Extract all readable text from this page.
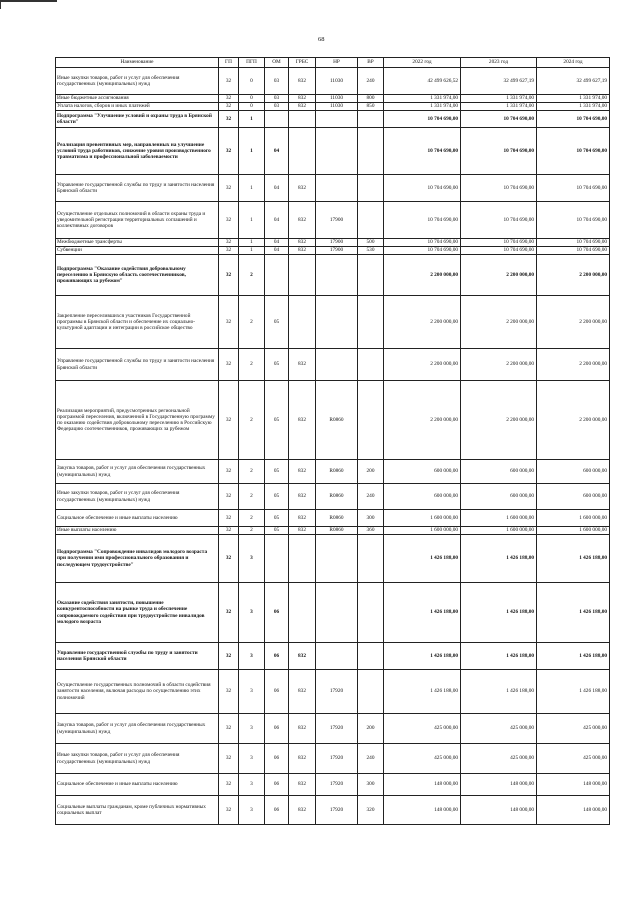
68
Наименование	ГП	ПГП	ОМ	ГРБС	НР	ВР	2022 год	2023 год	2024 год
Иные закупки товаров, работ и услуг для обеспечения государственных (муниципальных) нужд	32	0	03	832	11030	240	42 499 626,52	32 499 627,19	32 499 627,19
Иные бюджетные ассигнования	32	0	03	832	11030	800	1 331 974,00	1 331 974,00	1 331 974,00
Уплата налогов, сборов и иных платежей	32	0	03	832	11030	850	1 331 974,00	1 331 974,00	1 331 974,00
Подпрограмма "Улучшение условий и охраны труда в Брянской области"	32	1					10 704 690,00	10 704 690,00	10 704 690,00
Реализация превентивных мер, направленных на улучшение условий труда работников, снижение уровня производственного травматизма и профессиональной заболеваемости	32	1	04				10 704 690,00	10 704 690,00	10 704 690,00
Управление государственной службы по труду и занятости населения Брянской области	32	1	04	832			10 704 690,00	10 704 690,00	10 704 690,00
Осуществление отдельных полномочий в области охраны труда и уведомительной регистрации территориальных соглашений и коллективных договоров	32	1	04	832	17900		10 704 690,00	10 704 690,00	10 704 690,00
Межбюджетные трансферты	32	1	04	832	17900	500	10 704 690,00	10 704 690,00	10 704 690,00
Субвенции	32	1	04	832	17900	530	10 704 690,00	10 704 690,00	10 704 690,00
Подпрограмма "Оказание содействия добровольному переселению в Брянскую область соотечественников, проживающих за рубежом"	32	2					2 200 000,00	2 200 000,00	2 200 000,00
Закрепление переселившихся участников Государственной программы в Брянской области и обеспечение их социально-культурной адаптации и интеграции в российское общество	32	2	05				2 200 000,00	2 200 000,00	2 200 000,00
Управление государственной службы по труду и занятости населения Брянской области	32	2	05	832			2 200 000,00	2 200 000,00	2 200 000,00
Реализация мероприятий, предусмотренных региональной программой переселения, включенной в Государственную программу по оказанию содействия добровольному переселению в Российскую Федерацию соотечественников, проживающих за рубежом	32	2	05	832	R0860		2 200 000,00	2 200 000,00	2 200 000,00
Закупка товаров, работ и услуг для обеспечения государственных (муниципальных) нужд	32	2	05	832	R0860	200	600 000,00	600 000,00	600 000,00
Иные закупки товаров, работ и услуг для обеспечения государственных (муниципальных) нужд	32	2	05	832	R0860	240	600 000,00	600 000,00	600 000,00
Социальное обеспечение и иные выплаты населению	32	2	05	832	R0860	300	1 600 000,00	1 600 000,00	1 600 000,00
Иные выплаты населению	32	2	05	832	R0860	360	1 600 000,00	1 600 000,00	1 600 000,00
Подпрограмма "Сопровождение инвалидов молодого возраста при получении ими профессионального образования и последующем трудоустройстве"	32	3					1 426 188,00	1 426 188,00	1 426 188,00
Оказание содействия занятости, повышение конкурентоспособности на рынке труда и обеспечение сопровождаемого содействия при трудоустройстве инвалидов молодого возраста	32	3	06				1 426 188,00	1 426 188,00	1 426 188,00
Управление государственной службы по труду и занятости населения Брянской области	32	3	06	832			1 426 188,00	1 426 188,00	1 426 188,00
Осуществление государственных полномочий в области содействия занятости населения, включая расходы по осуществлению этих полномочий	32	3	06	832	17920		1 426 188,00	1 426 188,00	1 426 188,00
Закупка товаров, работ и услуг для обеспечения государственных (муниципальных) нужд	32	3	06	832	17920	200	425 000,00	425 000,00	425 000,00
Иные закупки товаров, работ и услуг для обеспечения государственных (муниципальных) нужд	32	3	06	832	17920	240	425 000,00	425 000,00	425 000,00
Социальное обеспечение и иные выплаты населению	32	3	06	832	17920	300	148 000,00	148 000,00	148 000,00
Социальные выплаты гражданам, кроме публичных нормативных социальных выплат	32	3	06	832	17920	320	148 000,00	148 000,00	148 000,00
